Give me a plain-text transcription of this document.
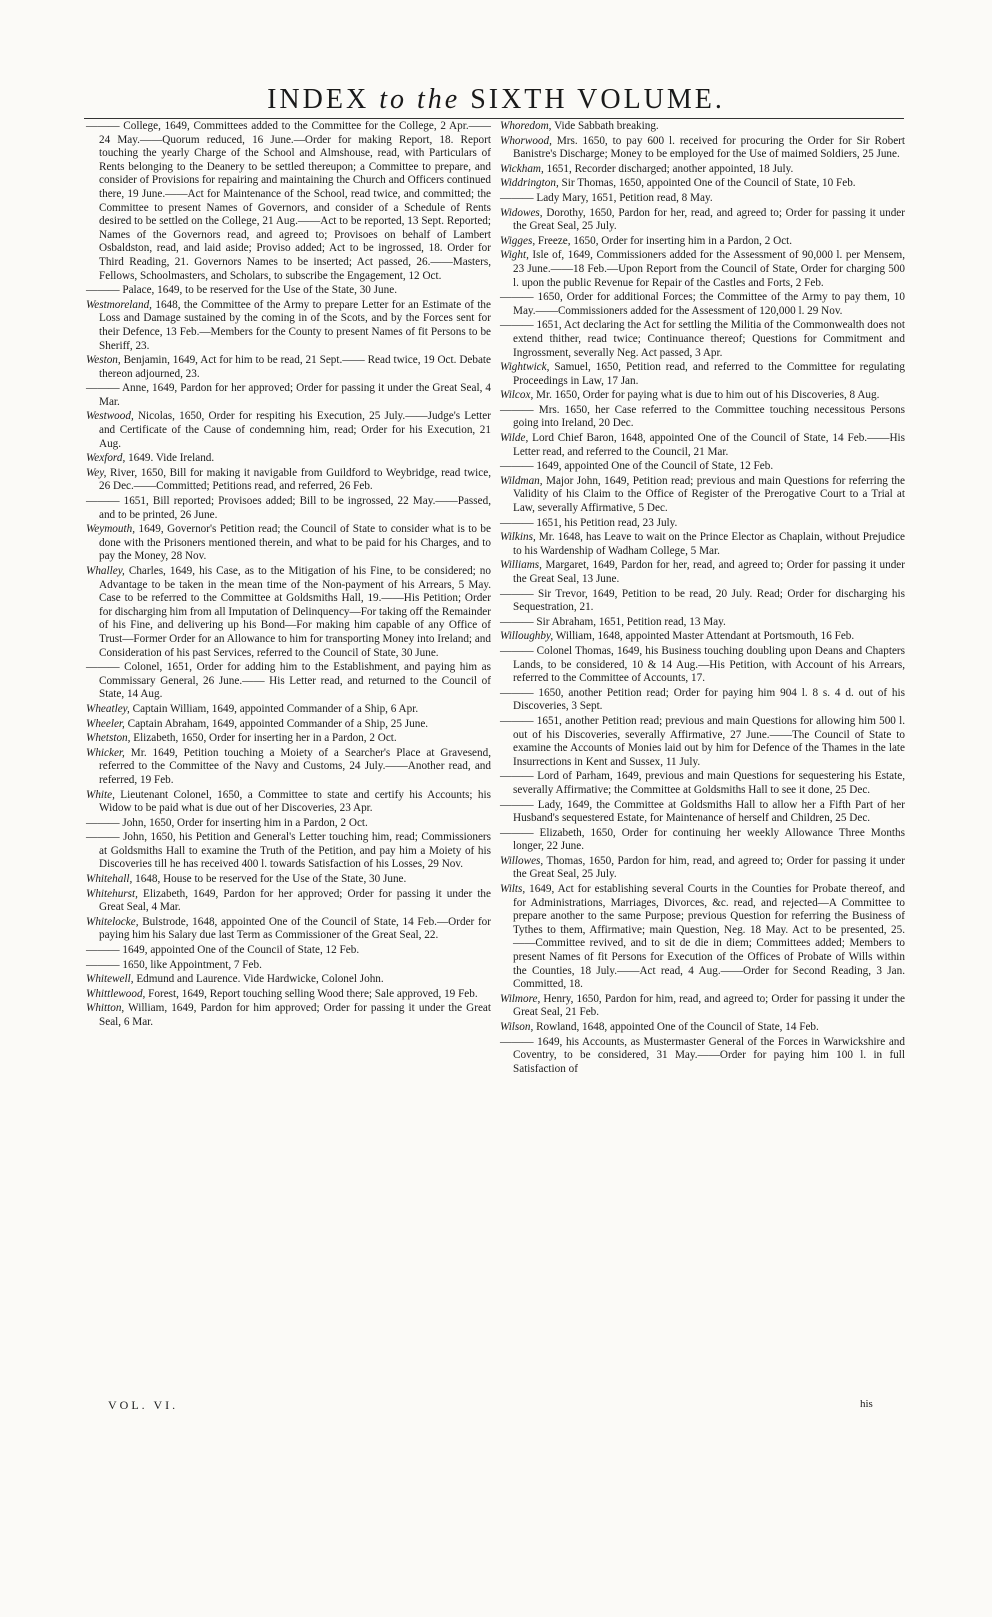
INDEX to the SIXTH VOLUME.

——— College, 1649, Committees added to the Committee for the College, 2 Apr.——24 May.——Quorum reduced, 16 June.—Order for making Report, 18. Report touching the yearly Charge of the School and Almshouse, read, with Particulars of Rents belonging to the Deanery to be settled thereupon; a Committee to prepare, and consider of Provisions for repairing and maintaining the Church and Officers continued there, 19 June.——Act for Maintenance of the School, read twice, and committed; the Committee to present Names of Governors, and consider of a Schedule of Rents desired to be settled on the College, 21 Aug.——Act to be reported, 13 Sept. Reported; Names of the Governors read, and agreed to; Provisoes on behalf of Lambert Osbaldston, read, and laid aside; Proviso added; Act to be ingrossed, 18. Order for Third Reading, 21. Governors Names to be inserted; Act passed, 26.——Masters, Fellows, Schoolmasters, and Scholars, to subscribe the Engagement, 12 Oct.

——— Palace, 1649, to be reserved for the Use of the State, 30 June.

Westmoreland, 1648, the Committee of the Army to prepare Letter for an Estimate of the Loss and Damage sustained by the coming in of the Scots, and by the Forces sent for their Defence, 13 Feb.—Members for the County to present Names of fit Persons to be Sheriff, 23.

Weston, Benjamin, 1649, Act for him to be read, 21 Sept.—— Read twice, 19 Oct. Debate thereon adjourned, 23.

——— Anne, 1649, Pardon for her approved; Order for passing it under the Great Seal, 4 Mar.

Westwood, Nicolas, 1650, Order for respiting his Execution, 25 July.——Judge's Letter and Certificate of the Cause of condemning him, read; Order for his Execution, 21 Aug.

Wexford, 1649. Vide Ireland.

Wey, River, 1650, Bill for making it navigable from Guildford to Weybridge, read twice, 26 Dec.——Committed; Petitions read, and referred, 26 Feb.

——— 1651, Bill reported; Provisoes added; Bill to be ingrossed, 22 May.——Passed, and to be printed, 26 June.

Weymouth, 1649, Governor's Petition read; the Council of State to consider what is to be done with the Prisoners mentioned therein, and what to be paid for his Charges, and to pay the Money, 28 Nov.

Whalley, Charles, 1649, his Case, as to the Mitigation of his Fine, to be considered; no Advantage to be taken in the mean time of the Non-payment of his Arrears, 5 May. Case to be referred to the Committee at Goldsmiths Hall, 19.——His Petition; Order for discharging him from all Imputation of Delinquency—For taking off the Remainder of his Fine, and delivering up his Bond—For making him capable of any Office of Trust—Former Order for an Allowance to him for transporting Money into Ireland; and Consideration of his past Services, referred to the Council of State, 30 June.

——— Colonel, 1651, Order for adding him to the Establishment, and paying him as Commissary General, 26 June.—— His Letter read, and returned to the Council of State, 14 Aug.

Wheatley, Captain William, 1649, appointed Commander of a Ship, 6 Apr.

Wheeler, Captain Abraham, 1649, appointed Commander of a Ship, 25 June.

Whetston, Elizabeth, 1650, Order for inserting her in a Pardon, 2 Oct.

Whicker, Mr. 1649, Petition touching a Moiety of a Searcher's Place at Gravesend, referred to the Committee of the Navy and Customs, 24 July.——Another read, and referred, 19 Feb.

White, Lieutenant Colonel, 1650, a Committee to state and certify his Accounts; his Widow to be paid what is due out of her Discoveries, 23 Apr.

——— John, 1650, Order for inserting him in a Pardon, 2 Oct.

——— John, 1650, his Petition and General's Letter touching him, read; Commissioners at Goldsmiths Hall to examine the Truth of the Petition, and pay him a Moiety of his Discoveries till he has received 400 l. towards Satisfaction of his Losses, 29 Nov.

Whitehall, 1648, House to be reserved for the Use of the State, 30 June.

Whitehurst, Elizabeth, 1649, Pardon for her approved; Order for passing it under the Great Seal, 4 Mar.

Whitelocke, Bulstrode, 1648, appointed One of the Council of State, 14 Feb.—Order for paying him his Salary due last Term as Commissioner of the Great Seal, 22.

——— 1649, appointed One of the Council of State, 12 Feb.

——— 1650, like Appointment, 7 Feb.

Whitewell, Edmund and Laurence. Vide Hardwicke, Colonel John.

Whittlewood, Forest, 1649, Report touching selling Wood there; Sale approved, 19 Feb.

Whitton, William, 1649, Pardon for him approved; Order for passing it under the Great Seal, 6 Mar.

Whoredom, Vide Sabbath breaking.

Whorwood, Mrs. 1650, to pay 600 l. received for procuring the Order for Sir Robert Banistre's Discharge; Money to be employed for the Use of maimed Soldiers, 25 June.

Wickham, 1651, Recorder discharged; another appointed, 18 July.

Widdrington, Sir Thomas, 1650, appointed One of the Council of State, 10 Feb.

——— Lady Mary, 1651, Petition read, 8 May.

Widowes, Dorothy, 1650, Pardon for her, read, and agreed to; Order for passing it under the Great Seal, 25 July.

Wigges, Freeze, 1650, Order for inserting him in a Pardon, 2 Oct.

Wight, Isle of, 1649, Commissioners added for the Assessment of 90,000 l. per Mensem, 23 June.——18 Feb.—Upon Report from the Council of State, Order for charging 500 l. upon the public Revenue for Repair of the Castles and Forts, 2 Feb.

——— 1650, Order for additional Forces; the Committee of the Army to pay them, 10 May.——Commissioners added for the Assessment of 120,000 l. 29 Nov.

——— 1651, Act declaring the Act for settling the Militia of the Commonwealth does not extend thither, read twice; Continuance thereof; Questions for Commitment and Ingrossment, severally Neg. Act passed, 3 Apr.

Wightwick, Samuel, 1650, Petition read, and referred to the Committee for regulating Proceedings in Law, 17 Jan.

Wilcox, Mr. 1650, Order for paying what is due to him out of his Discoveries, 8 Aug.

——— Mrs. 1650, her Case referred to the Committee touching necessitous Persons going into Ireland, 20 Dec.

Wilde, Lord Chief Baron, 1648, appointed One of the Council of State, 14 Feb.——His Letter read, and referred to the Council, 21 Mar.

——— 1649, appointed One of the Council of State, 12 Feb.

Wildman, Major John, 1649, Petition read; previous and main Questions for referring the Validity of his Claim to the Office of Register of the Prerogative Court to a Trial at Law, severally Affirmative, 5 Dec.

——— 1651, his Petition read, 23 July.

Wilkins, Mr. 1648, has Leave to wait on the Prince Elector as Chaplain, without Prejudice to his Wardenship of Wadham College, 5 Mar.

Williams, Margaret, 1649, Pardon for her, read, and agreed to; Order for passing it under the Great Seal, 13 June.

——— Sir Trevor, 1649, Petition to be read, 20 July. Read; Order for discharging his Sequestration, 21.

——— Sir Abraham, 1651, Petition read, 13 May.

Willoughby, William, 1648, appointed Master Attendant at Portsmouth, 16 Feb.

——— Colonel Thomas, 1649, his Business touching doubling upon Deans and Chapters Lands, to be considered, 10 & 14 Aug.—His Petition, with Account of his Arrears, referred to the Committee of Accounts, 17.

——— 1650, another Petition read; Order for paying him 904 l. 8 s. 4 d. out of his Discoveries, 3 Sept.

——— 1651, another Petition read; previous and main Questions for allowing him 500 l. out of his Discoveries, severally Affirmative, 27 June.——The Council of State to examine the Accounts of Monies laid out by him for Defence of the Thames in the late Insurrections in Kent and Sussex, 11 July.

——— Lord of Parham, 1649, previous and main Questions for sequestering his Estate, severally Affirmative; the Committee at Goldsmiths Hall to see it done, 25 Dec.

——— Lady, 1649, the Committee at Goldsmiths Hall to allow her a Fifth Part of her Husband's sequestered Estate, for Maintenance of herself and Children, 25 Dec.

——— Elizabeth, 1650, Order for continuing her weekly Allowance Three Months longer, 22 June.

Willowes, Thomas, 1650, Pardon for him, read, and agreed to; Order for passing it under the Great Seal, 25 July.

Wilts, 1649, Act for establishing several Courts in the Counties for Probate thereof, and for Administrations, Marriages, Divorces, &c. read, and rejected—A Committee to prepare another to the same Purpose; previous Question for referring the Business of Tythes to them, Affirmative; main Question, Neg. 18 May. Act to be presented, 25.——Committee revived, and to sit de die in diem; Committees added; Members to present Names of fit Persons for Execution of the Offices of Probate of Wills within the Counties, 18 July.——Act read, 4 Aug.——Order for Second Reading, 3 Jan. Committed, 18.

Wilmore, Henry, 1650, Pardon for him, read, and agreed to; Order for passing it under the Great Seal, 21 Feb.

Wilson, Rowland, 1648, appointed One of the Council of State, 14 Feb.

——— 1649, his Accounts, as Mustermaster General of the Forces in Warwickshire and Coventry, to be considered, 31 May.——Order for paying him 100 l. in full Satisfaction of

VOL. VI.	his
